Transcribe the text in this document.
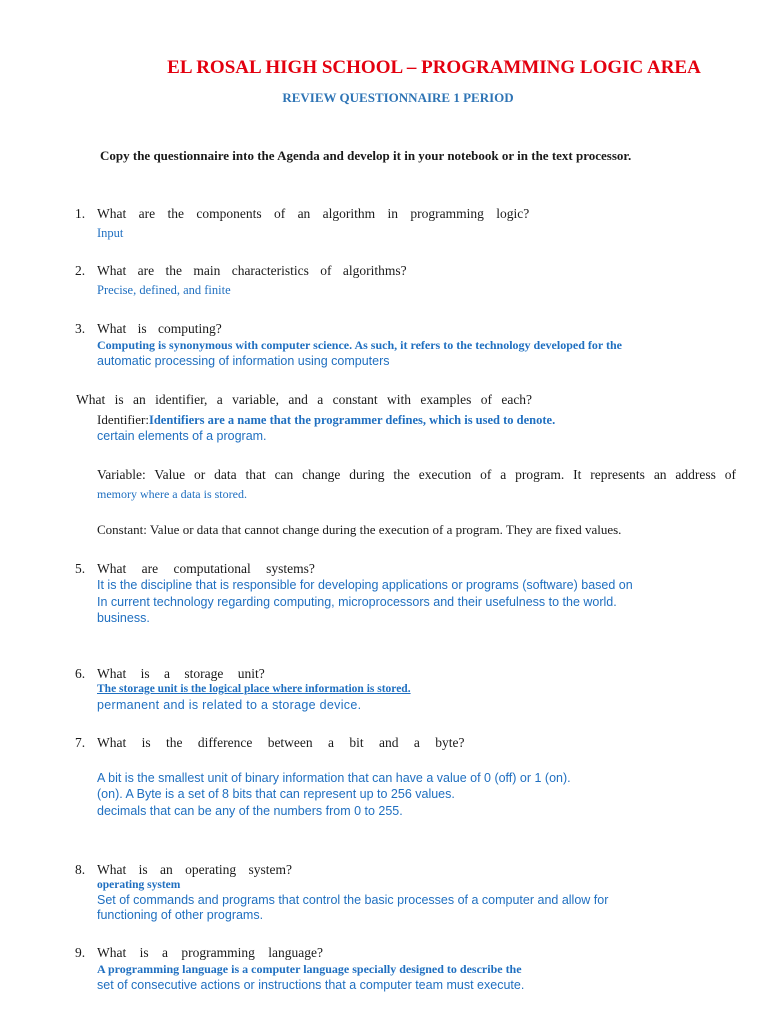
EL ROSAL HIGH SCHOOL – PROGRAMMING LOGIC AREA
REVIEW QUESTIONNAIRE 1 PERIOD
Copy the questionnaire into the Agenda and develop it in your notebook or in the text processor.
1. What are the components of an algorithm in programming logic?
Input
2. What are the main characteristics of algorithms?
Precise, defined, and finite
3. What is computing?
Computing is synonymous with computer science. As such, it refers to the technology developed for the
automatic processing of information using computers
What is an identifier, a variable, and a constant with examples of each?
Identifier:Identifiers are a name that the programmer defines, which is used to denote.
certain elements of a program.
Variable: Value or data that can change during the execution of a program. It represents an address of
memory where a data is stored.
Constant: Value or data that cannot change during the execution of a program. They are fixed values.
5. What are computational systems?
It is the discipline that is responsible for developing applications or programs (software) based on
In current technology regarding computing, microprocessors and their usefulness to the world.
business.
6. What is a storage unit?
The storage unit is the logical place where information is stored.
permanent and is related to a storage device.
7. What is the difference between a bit and a byte?
A bit is the smallest unit of binary information that can have a value of 0 (off) or 1 (on).
(on). A Byte is a set of 8 bits that can represent up to 256 values.
decimals that can be any of the numbers from 0 to 255.
8. What is an operating system?
operating system
Set of commands and programs that control the basic processes of a computer and allow for
functioning of other programs.
9. What is a programming language?
A programming language is a computer language specially designed to describe the
set of consecutive actions or instructions that a computer team must execute.
